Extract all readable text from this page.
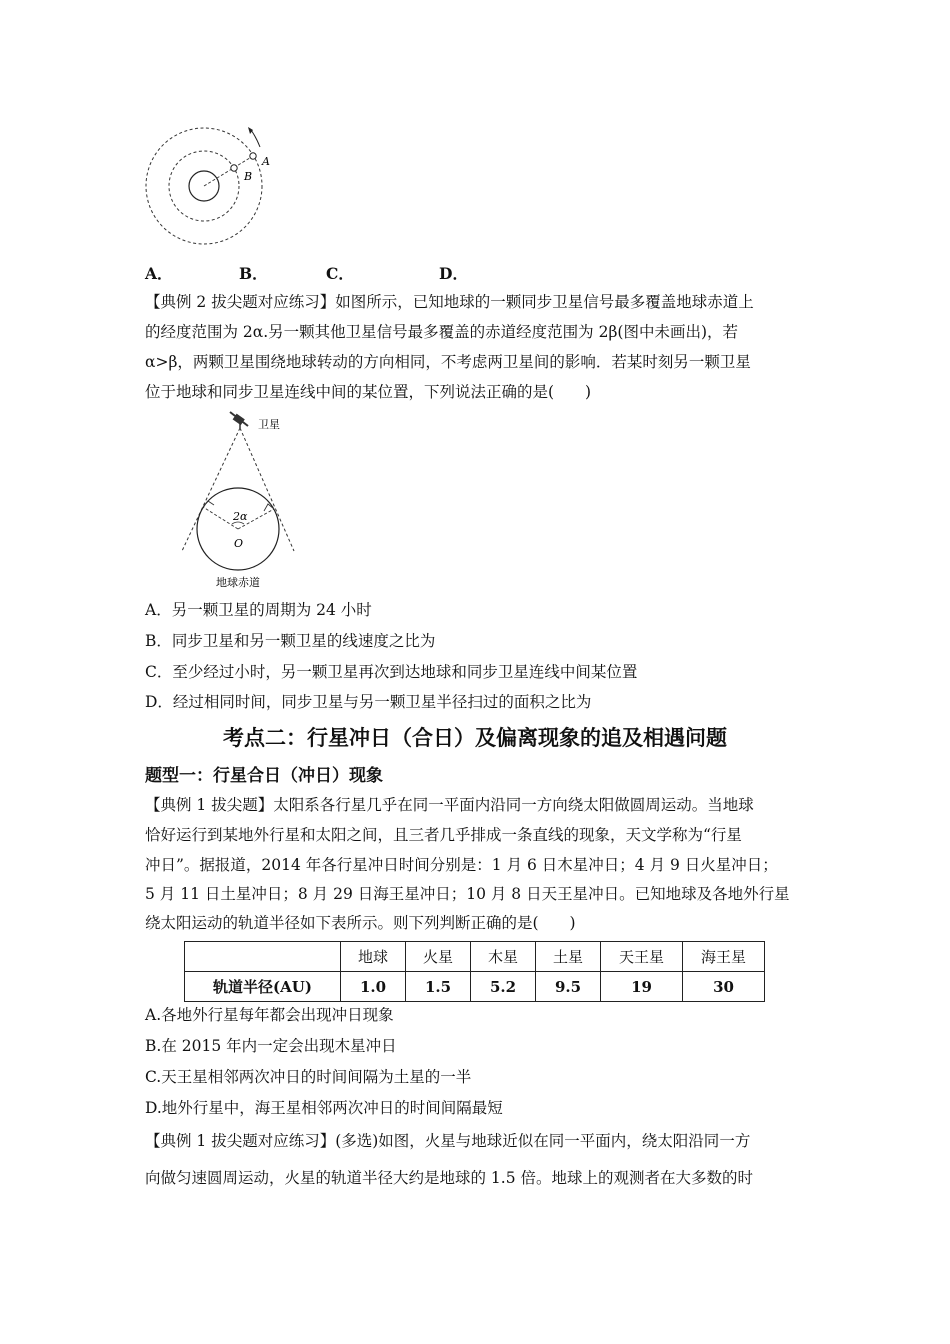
A
B
A．	B．	C．	D．
【典例 2 拔尖题对应练习】如图所示，已知地球的一颗同步卫星信号最多覆盖地球赤道上
的经度范围为 2α.另一颗其他卫星信号最多覆盖的赤道经度范围为 2β(图中未画出)，若
α>β，两颗卫星围绕地球转动的方向相同，不考虑两卫星间的影响．若某时刻另一颗卫星
位于地球和同步卫星连线中间的某位置，下列说法正确的是(　　)
卫星
2α
O
地球赤道
A．另一颗卫星的周期为 24 小时
B．同步卫星和另一颗卫星的线速度之比为
C．至少经过小时，另一颗卫星再次到达地球和同步卫星连线中间某位置
D．经过相同时间，同步卫星与另一颗卫星半径扫过的面积之比为
考点二：行星冲日（合日）及偏离现象的追及相遇问题
题型一：行星合日（冲日）现象
【典例 1 拔尖题】太阳系各行星几乎在同一平面内沿同一方向绕太阳做圆周运动。当地球
恰好运行到某地外行星和太阳之间，且三者几乎排成一条直线的现象，天文学称为“行星
冲日”。据报道，2014 年各行星冲日时间分别是：1 月 6 日木星冲日；4 月 9 日火星冲日；
5 月 11 日土星冲日；8 月 29 日海王星冲日；10 月 8 日天王星冲日。已知地球及各地外行星
绕太阳运动的轨道半径如下表所示。则下列判断正确的是(　　)
	地球	火星	木星	土星	天王星	海王星
轨道半径(AU)	1.0	1.5	5.2	9.5	19	30
A.各地外行星每年都会出现冲日现象
B.在 2015 年内一定会出现木星冲日
C.天王星相邻两次冲日的时间间隔为土星的一半
D.地外行星中，海王星相邻两次冲日的时间间隔最短
【典例 1 拔尖题对应练习】(多选)如图，火星与地球近似在同一平面内，绕太阳沿同一方
向做匀速圆周运动，火星的轨道半径大约是地球的 1.5 倍。地球上的观测者在大多数的时
